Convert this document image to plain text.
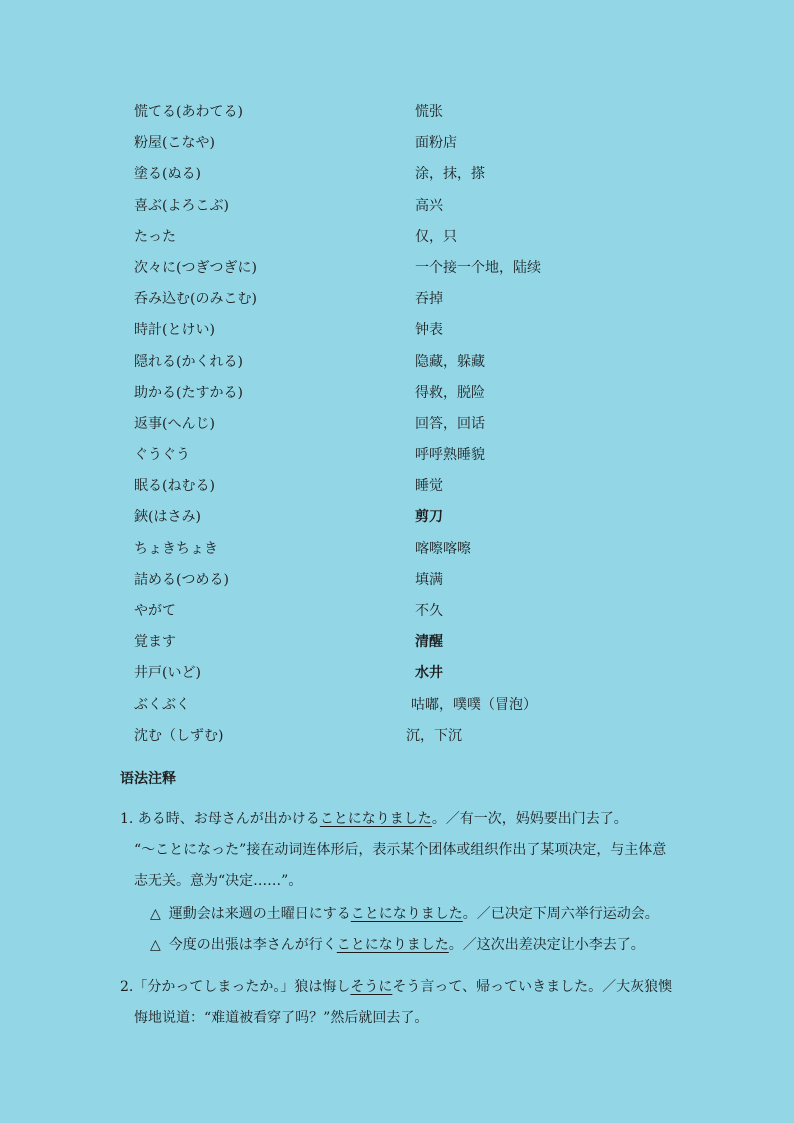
慌てる(あわてる)	慌张
粉屋(こなや)	面粉店
塗る(ぬる)	涂，抹，搽
喜ぶ(よろこぶ)	高兴
たった	仅，只
次々に(つぎつぎに)	一个接一个地，陆续
呑み込む(のみこむ)	吞掉
時計(とけい)	钟表
隠れる(かくれる)	隐藏，躲藏
助かる(たすかる)	得救，脱险
返事(へんじ)	回答，回话
ぐうぐう	呼呼熟睡貌
眠る(ねむる)	睡觉
鋏(はさみ)	剪刀
ちょきちょき	喀嚓喀嚓
詰める(つめる)	填满
やがて	不久
覚ます	清醒
井戸(いど)	水井
ぶくぶく	咕嘟，噗噗（冒泡）
沈む（しずむ)	沉，下沉
语法注释

1. ある時、お母さんが出かけることになりました。／有一次，妈妈要出门去了。
“～ことになった”接在动词连体形后，表示某个团体或组织作出了某项决定，与主体意
志无关。意为“决定……”。

△ 運動会は来週の土曜日にすることになりました。／已决定下周六举行运动会。

△ 今度の出張は李さんが行くことになりました。／这次出差决定让小李去了。

2.「分かってしまったか。」狼は悔しそうにそう言って、帰っていきました。／大灰狼懊
悔地说道：“难道被看穿了吗？”然后就回去了。
